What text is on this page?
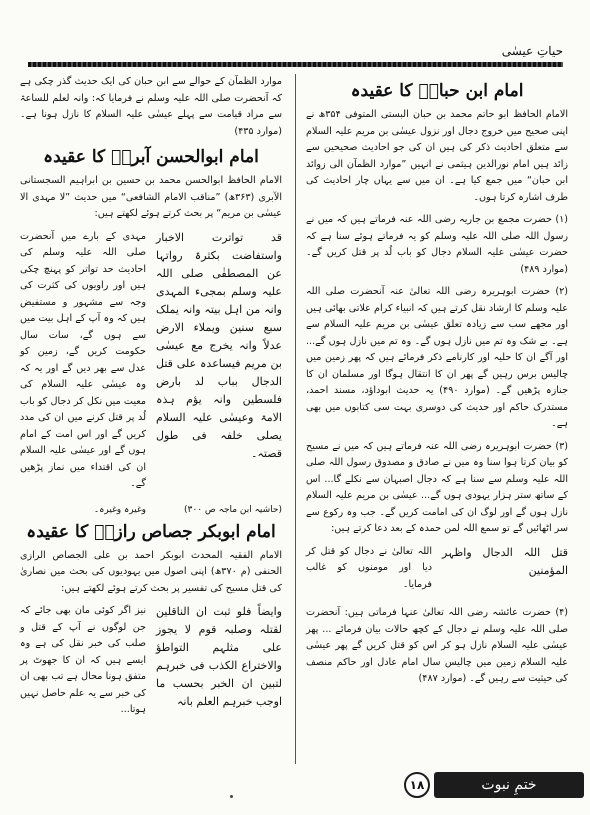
حیاتِ عیسٰی
امام ابن حبانؒ کا عقیدہ

الامام الحافظ ابو حاتم محمد بن حبان البستی المتوفی ۳۵۴ھ نے اپنی صحیح میں خروج دجال اور نزول عیسٰی بن مریم علیہ السلام سے متعلق احادیث ذکر کی ہیں ان کی جو احادیث صحیحین سے زائد ہیں امام نورالدین ہیثمی نے انہیں ”موارد الظمآن الی زوائد ابن حبان“ میں جمع کیا ہے۔ ان میں سے یہاں چار احادیث کی طرف اشارہ کرتا ہوں۔

(۱) حضرت مجمع بن جاریہ رضی اللہ عنہ فرماتے ہیں کہ میں نے رسول اللہ صلی اللہ علیہ وسلم کو یہ فرماتے ہوئے سنا ہے کہ حضرت عیسٰی علیہ السلام دجال کو باب لُد پر قتل کریں گے۔ (موارد ۴۸۹)

(۲) حضرت ابوہریرہ رضی اللہ تعالیٰ عنہ آنحضرت صلی اللہ علیہ وسلم کا ارشاد نقل کرتے ہیں کہ انبیاء کرام علاتی بھائی ہیں اور مجھے سب سے زیادہ تعلق عیسٰی بن مریم علیہ السلام سے ہے۔ بے شک وہ تم میں نازل ہوں گے۔ وہ تم میں نازل ہوں گے... اور آگے ان کا حلیہ اور کارنامے ذکر فرمائے ہیں کہ پھر زمین میں چالیس برس رہیں گے پھر ان کا انتقال ہوگا اور مسلمان ان کا جنازہ پڑھیں گے۔ (موارد ۴۹۰) یہ حدیث ابوداؤد، مسند احمد، مستدرک حاکم اور حدیث کی دوسری بہت سی کتابوں میں بھی ہے۔

(۳) حضرت ابوہریرہ رضی اللہ عنہ فرماتے ہیں کہ میں نے مسیح کو بیان کرتا ہوا سنا وہ میں نے صادق و مصدوق رسول اللہ صلی اللہ علیہ وسلم سے سنا ہے کہ دجال اصبہان سے نکلے گا... اس کے ساتھ ستر ہزار یہودی ہوں گے... عیسٰی بن مریم علیہ السلام نازل ہوں گے اور لوگ ان کی امامت کریں گے۔ جب وہ رکوع سے سر اٹھائیں گے تو سمع اللہ لمن حمدہ کے بعد دعا کرتے ہیں:

قتل اللہ الدجال واظہر المؤمنین

اللہ تعالیٰ نے دجال کو قتل کر دیا اور مومنوں کو غالب فرمایا۔

(۴) حضرت عائشہ رضی اللہ تعالیٰ عنہا فرماتی ہیں: آنحضرت صلی اللہ علیہ وسلم نے دجال کے کچھ حالات بیان فرمائے ... پھر عیسٰی علیہ السلام نازل ہو کر اس کو قتل کریں گے پھر عیسٰی علیہ السلام زمین میں چالیس سال امام عادل اور حاکم منصف کی حیثیت سے رہیں گے۔ (موارد ۴۸۷)

موارد الظمآن کے حوالے سے ابن حبان کی ایک حدیث گذر چکی ہے کہ آنحضرت صلی اللہ علیہ وسلم نے فرمایا کہ: وانہ لعلم للساعۃ سے مراد قیامت سے پہلے عیسٰی علیہ السلام کا نازل ہونا ہے۔ (موارد ۴۳۵)

امام ابوالحسن آبریؒ کا عقیدہ

الامام الحافظ ابوالحسن محمد بن حسین بن ابراہیم السجستانی الآبری (۳۶۳ھ) ”مناقب الامام الشافعی“ میں حدیث ”لا مہدی الا عیسٰی بن مریم“ پر بحث کرتے ہوئے لکھتے ہیں:

قد تواترت الاخبار واستفاضت بکثرۃ رواتہا عن المصطفٰی صلی اللہ علیہ وسلم بمجیء المہدی وانہ من اہل بیتہ وانہ یملک سبع سنین ویملاء الارض عدلاً وانہ یخرج مع عیسٰی بن مریم فیساعدہ علی قتل الدجال بباب لد بارض فلسطین وانہ یؤم ہذہ الامۃ وعیسٰی علیہ السلام یصلی خلفہ فی طول قصتہ۔

مہدی کے بارے میں آنحضرت صلی اللہ علیہ وسلم کی احادیث حد تواتر کو پہنچ چکی ہیں اور راویوں کی کثرت کی وجہ سے مشہور و مستفیض ہیں کہ وہ آپ کے اہل بیت میں سے ہوں گے، سات سال حکومت کریں گے، زمین کو عدل سے بھر دیں گے اور یہ کہ وہ عیسٰی علیہ السلام کی معیت میں نکل کر دجال کو باب لُد پر قتل کرنے میں ان کی مدد کریں گے اور اس امت کے امام ہوں گے اور عیسٰی علیہ السلام ان کی اقتداء میں نماز پڑھیں گے۔

(حاشیہ ابن ماجہ ص ۳۰۰)
وغیرہ وغیرہ۔
امام ابوبکر جصاص رازیؒ کا عقیدہ

الامام الفقیہ المحدث ابوبکر احمد بن علی الجصاص الرازی الحنفی (م ۳۷۰ھ) اپنی اصول میں یہودیوں کی بحث میں نصاریٰ کی قتل مسیح کی تفسیر پر بحث کرتے ہوئے لکھتے ہیں:

وایضاً فلو ثبت ان الناقلین لقتلہ وصلبہ قوم لا یجوز علی مثلہم التواطؤ والاختراع الکذب فی خبرہم لتبین ان الخبر بحسب ما اوجب خبرہم العلم بانہ

نیز اگر کوئی مان بھی جائے کہ جن لوگوں نے آپ کے قتل و صلب کی خبر نقل کی ہے وہ ایسے ہیں کہ ان کا جھوٹ پر متفق ہونا محال ہے تب بھی ان کی خبر سے یہ علم حاصل نہیں ہوتا...

۱۸	ختمِ نبوت
